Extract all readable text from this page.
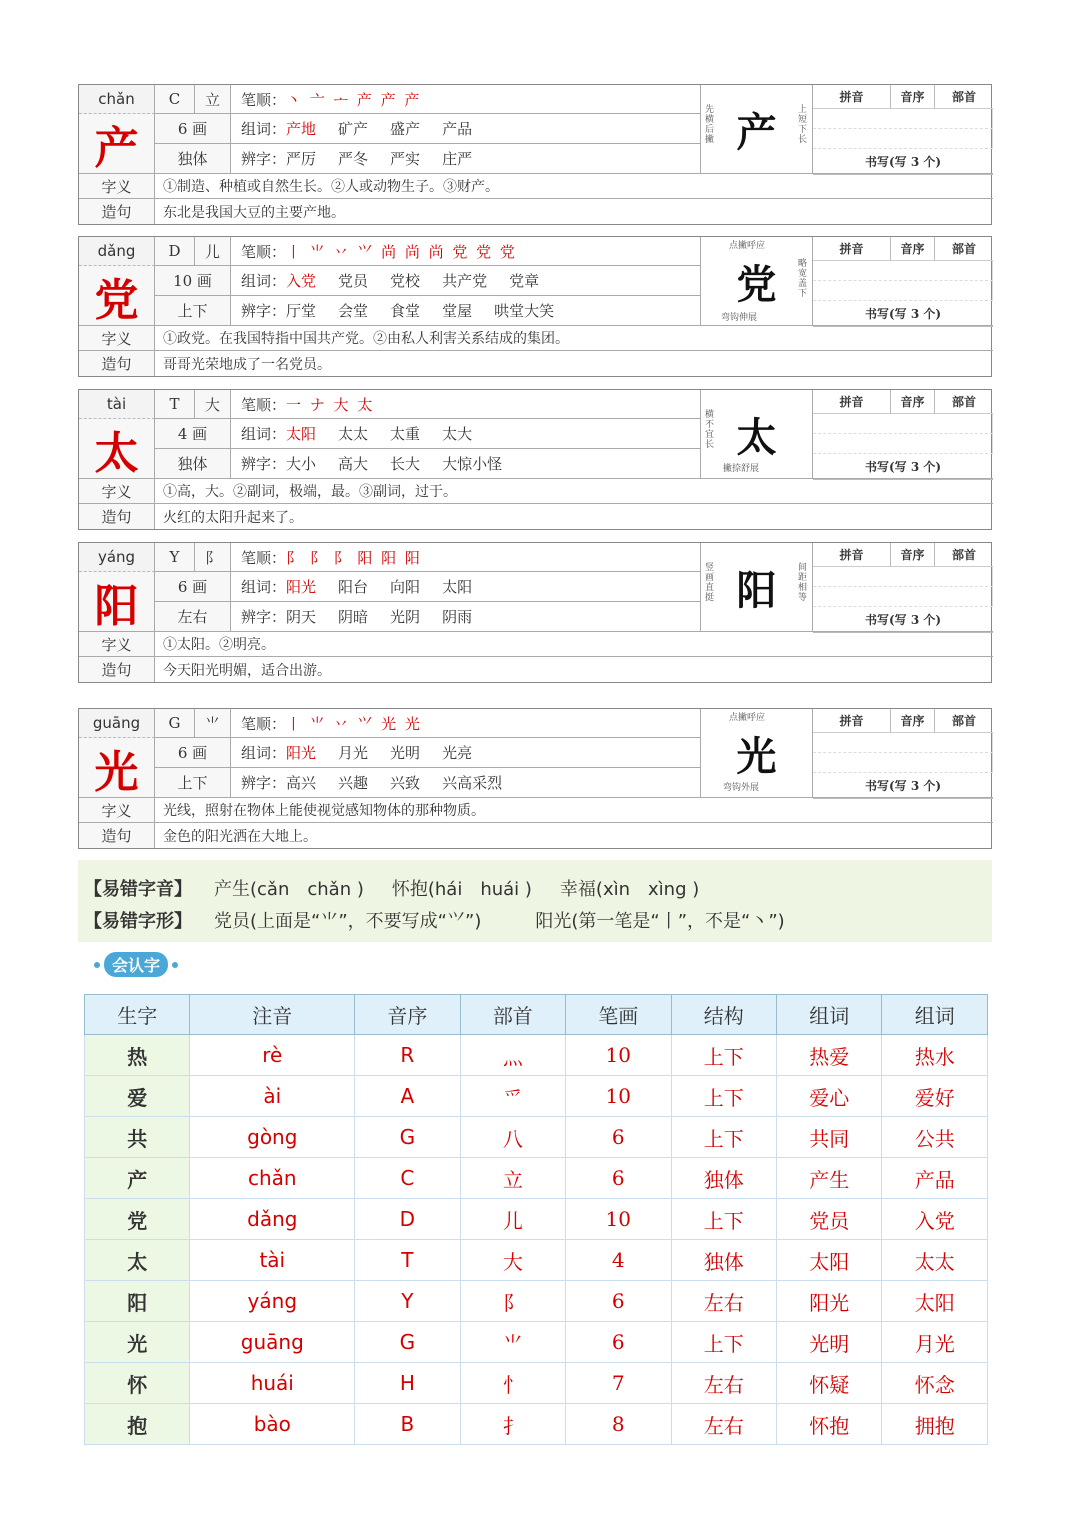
chǎn	C	立	笔顺： 丶 亠 ᅩ 产 产 产
产
先横后撇
上短下长
拼音	音序	部首
书写(写 3 个)
产	6 画	组词： 产地 矿产 盛产 产品
独体	辨字： 严厉 严冬 严实 庄严
字义	①制造、种植或自然生长。②人或动物生子。③财产。
造句	东北是我国大豆的主要产地。
dǎng	D	儿	笔顺： 丨 ⺌ 丷 ⺍ 尚 尚 尚 党 党 党
党
点撇呼应
略宽盖下
弯钩伸展
拼音	音序	部首
书写(写 3 个)
党	10 画	组词： 入党 党员 党校 共产党 党章
上下	辨字： 厅堂 会堂 食堂 堂屋 哄堂大笑
字义	①政党。在我国特指中国共产党。②由私人利害关系结成的集团。
造句	哥哥光荣地成了一名党员。
tài	T	大	笔顺： 一 ナ 大 太
太
横不宜长
撇捺舒展
拼音	音序	部首
书写(写 3 个)
太	4 画	组词： 太阳 太太 太重 太大
独体	辨字： 大小 高大 长大 大惊小怪
字义	①高，大。②副词，极端，最。③副词，过于。
造句	火红的太阳升起来了。
yáng	Y	阝	笔顺： 阝 阝 阝 阳 阳 阳
阳
竖画直挺
间距相等
拼音	音序	部首
书写(写 3 个)
阳	6 画	组词： 阳光 阳台 向阳 太阳
左右	辨字： 阴天 阴暗 光阴 阴雨
字义	①太阳。②明亮。
造句	今天阳光明媚，适合出游。
guāng	G	⺌	笔顺： 丨 ⺌ 丷 ⺍ 光 光
光
点撇呼应
弯钩外展
拼音	音序	部首
书写(写 3 个)
光	6 画	组词： 阳光 月光 光明 光亮
上下	辨字： 高兴 兴趣 兴致 兴高采烈
字义	光线，照射在物体上能使视觉感知物体的那种物质。
造句	金色的阳光洒在大地上。
【易错字音】 产生(cǎn　chǎn ) 怀抱(hái　huái ) 幸福(xìn　xìng )
【易错字形】 党员(上面是“⺌”，不要写成“⺍”)	阳光(第一笔是“丨”，不是“丶”)
会认字
生字	注音	音序	部首	笔画	结构	组词	组词
热	rè	R	灬	10	上下	热爱	热水
爱	ài	A	爫	10	上下	爱心	爱好
共	gòng	G	八	6	上下	共同	公共
产	chǎn	C	立	6	独体	产生	产品
党	dǎng	D	儿	10	上下	党员	入党
太	tài	T	大	4	独体	太阳	太太
阳	yáng	Y	阝	6	左右	阳光	太阳
光	guāng	G	⺌	6	上下	光明	月光
怀	huái	H	忄	7	左右	怀疑	怀念
抱	bào	B	扌	8	左右	怀抱	拥抱
